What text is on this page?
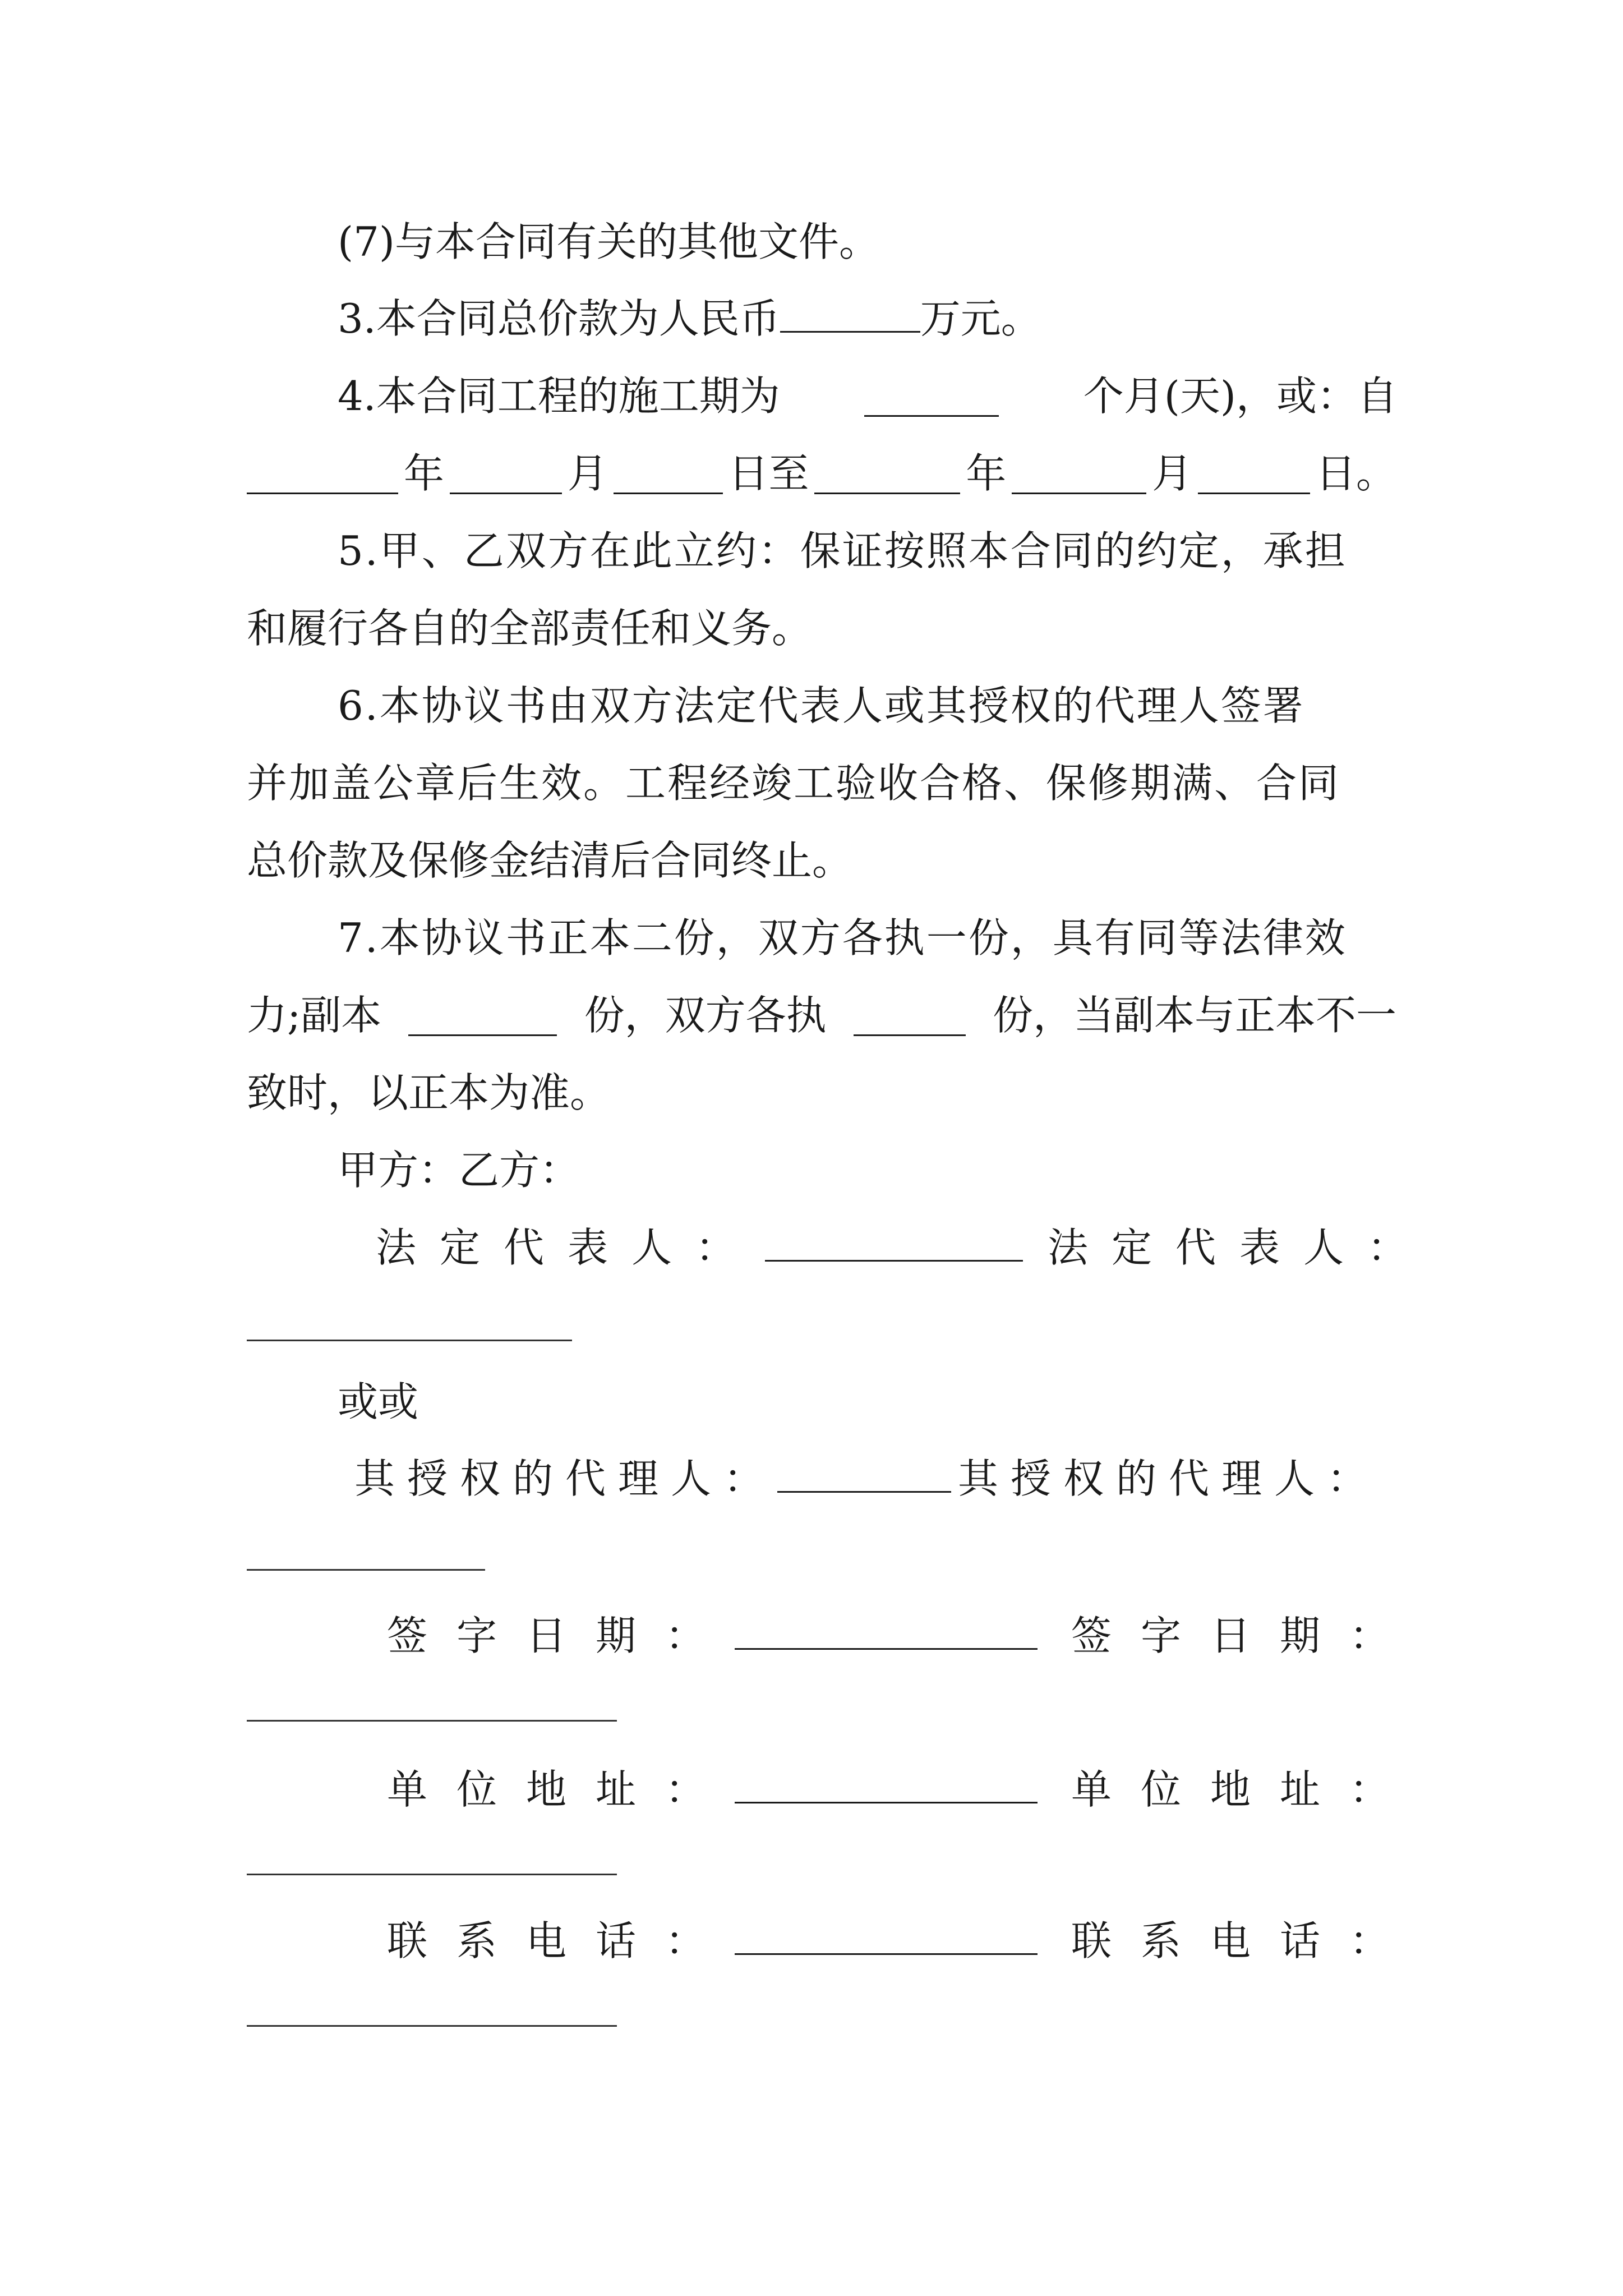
(7)与本合同有关的其他文件。
3.本合同总价款为人民币	万元。
4.本合同工程的施工期为	个月(天)，或：自
年	月	日至	年	月	日。
5.甲、乙双方在此立约：保证按照本合同的约定，承担
和履行各自的全部责任和义务。
6.本协议书由双方法定代表人或其授权的代理人签署
并加盖公章后生效。工程经竣工验收合格、保修期满、合同
总价款及保修金结清后合同终止。
7.本协议书正本二份，双方各执一份，具有同等法律效
力;副本	份，双方各执	份，当副本与正本不一
致时，以正本为准。
甲方：乙方：
法定代表人：	法定代表人：
或或
其授权的代理人：	其授权的代理人：
签字日期：	签字日期：
单位地址：	单位地址：
联系电话：	联系电话：
